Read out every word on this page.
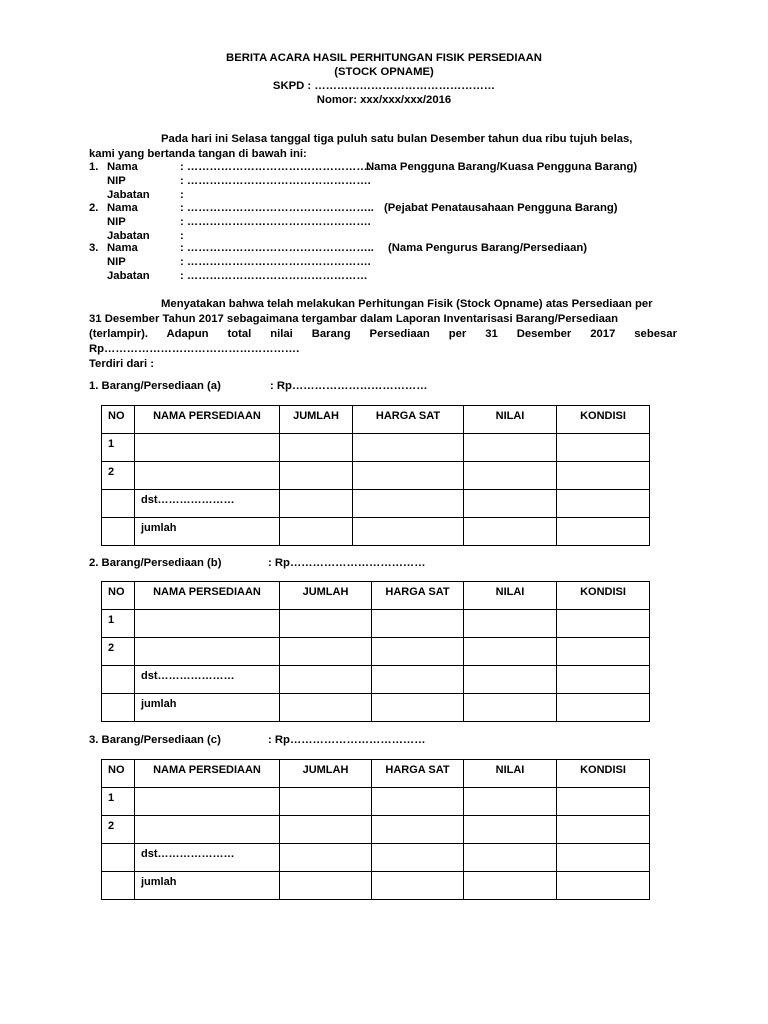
BERITA ACARA HASIL PERHITUNGAN FISIK PERSEDIAAN
(STOCK OPNAME)
SKPD : …………………………………………
Nomor: xxx/xxx/xxx/2016
Pada hari ini Selasa tanggal tiga puluh satu bulan Desember tahun dua ribu tujuh belas,
kami yang bertanda tangan di bawah ini:
1. Nama	: …………………………………………..
Nama Pengguna Barang/Kuasa Pengguna Barang)
NIP	: ………………………………………….
Jabatan	:
2. Nama	: ………………………………………….. (Pejabat Penatausahaan Pengguna Barang)
NIP	: ………………………………………….
Jabatan	:
3. Nama	: ………………………………………….. (Nama Pengurus Barang/Persediaan)
NIP	: ………………………………………….
Jabatan	: …………………………………………
Menyatakan bahwa telah melakukan Perhitungan Fisik (Stock Opname) atas Persediaan per
31 Desember Tahun 2017 sebagaimana tergambar dalam Laporan Inventarisasi Barang/Persediaan
(terlampir). Adapun total nilai Barang Persediaan per 31 Desember 2017 sebesar
Rp…………………………………………….
Terdiri dari :
1. Barang/Persediaan (a)	: Rp………………………………
NO	NAMA PERSEDIAAN	JUMLAH	HARGA SAT	NILAI	KONDISI
1					
2					
	dst…………………				
	jumlah				
2. Barang/Persediaan (b)	: Rp………………………………
NO	NAMA PERSEDIAAN	JUMLAH	HARGA SAT	NILAI	KONDISI
1					
2					
	dst…………………				
	jumlah				
3. Barang/Persediaan (c)	: Rp………………………………
NO	NAMA PERSEDIAAN	JUMLAH	HARGA SAT	NILAI	KONDISI
1					
2					
	dst…………………				
	jumlah				
